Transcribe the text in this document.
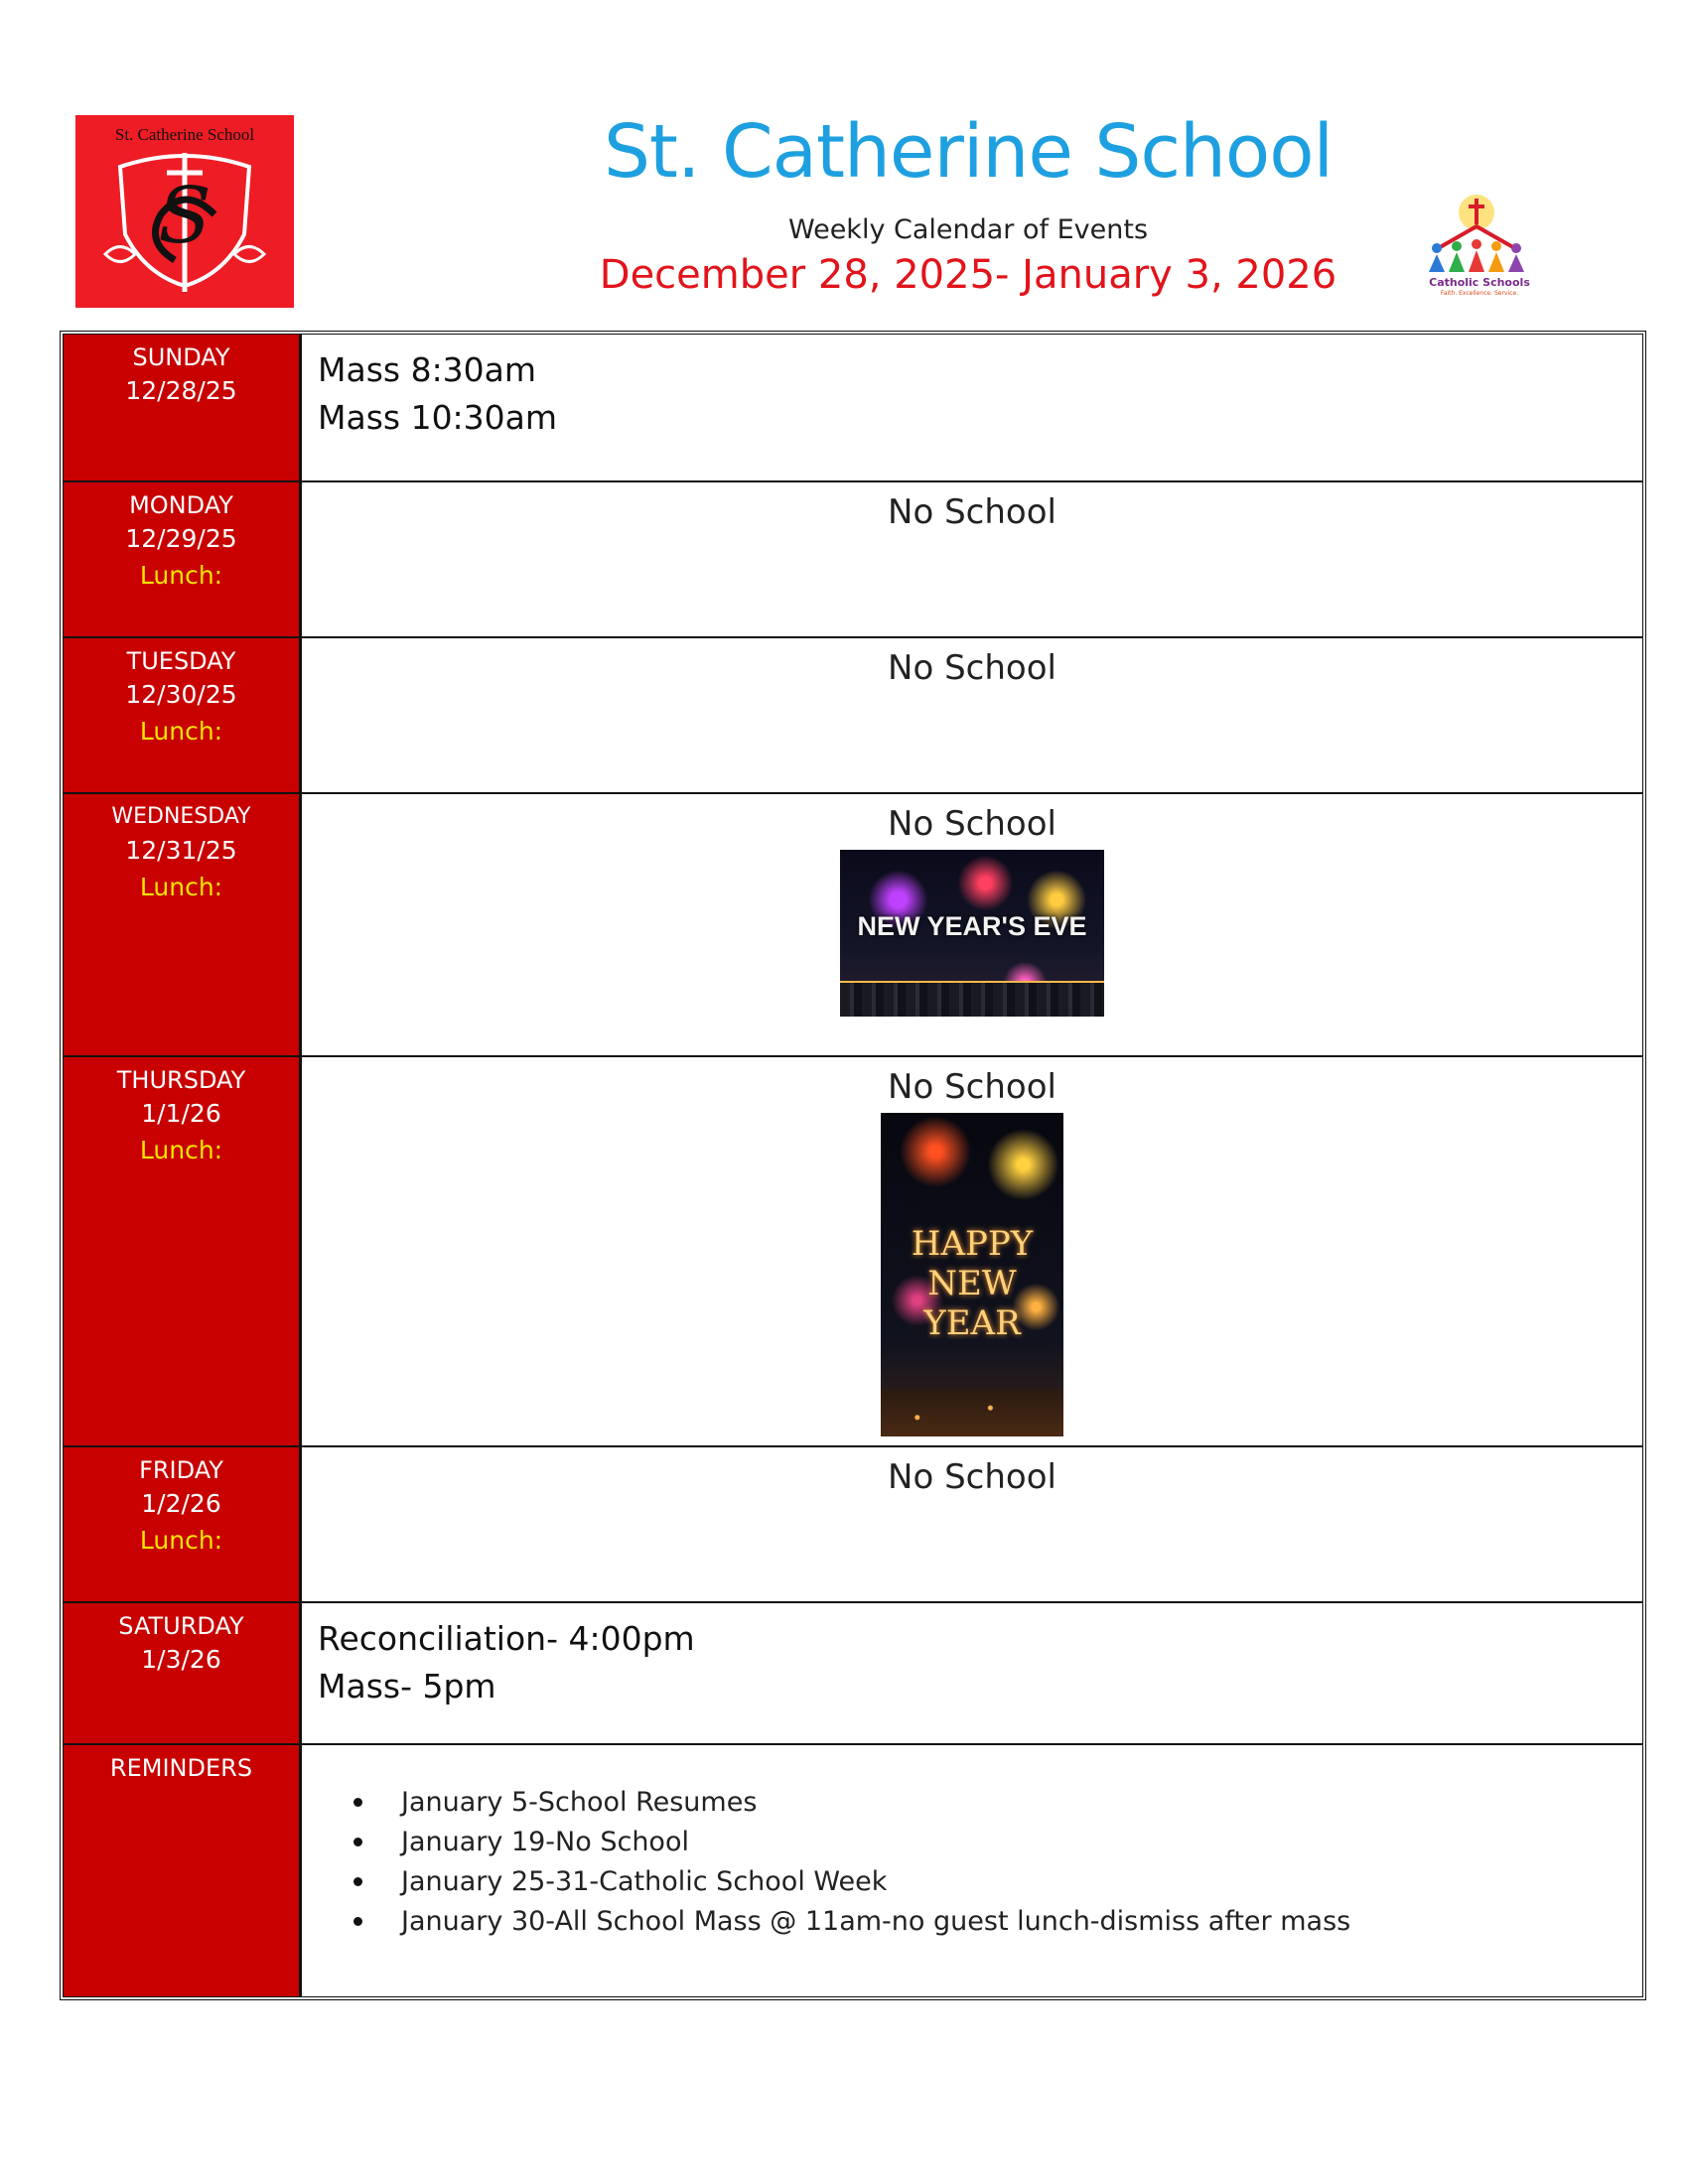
St. Catherine School
S
St. Catherine School
Weekly Calendar of Events
December 28, 2025- January 3, 2026	Catholic Schools
Faith. Excellence. Service.
SUNDAY
12/28/25
Mass 8:30am
Mass 10:30am
MONDAY
12/29/25
Lunch:
No School
TUESDAY
12/30/25
Lunch:
No School
WEDNESDAY
12/31/25
Lunch:
No School
NEW YEAR'S EVE
THURSDAY
1/1/26
Lunch:
No School
HAPPY
NEW
YEAR
FRIDAY
1/2/26
Lunch:
No School
SATURDAY
1/3/26
Reconciliation- 4:00pm
Mass- 5pm
REMINDERS
January 5-School Resumes
January 19-No School
January 25-31-Catholic School Week
January 30-All School Mass @ 11am-no guest lunch-dismiss after mass
